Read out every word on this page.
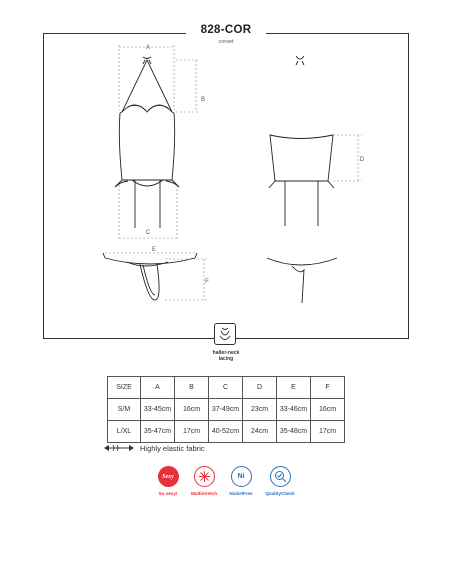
828-COR
corset
A
B
C
D
E
F
halter-neck
lacing
SIZE	A	B	C	D	E	F
S/M	33-45cm	16cm	37-49cm	23cm	33-46cm	16cm
L/XL	35-47cm	17cm	40-52cm	24cm	35-48cm	17cm
Highly elastic fabric
Sexy
So sexy!	Multistretch
Ni
NickelFree	QualityCheck
